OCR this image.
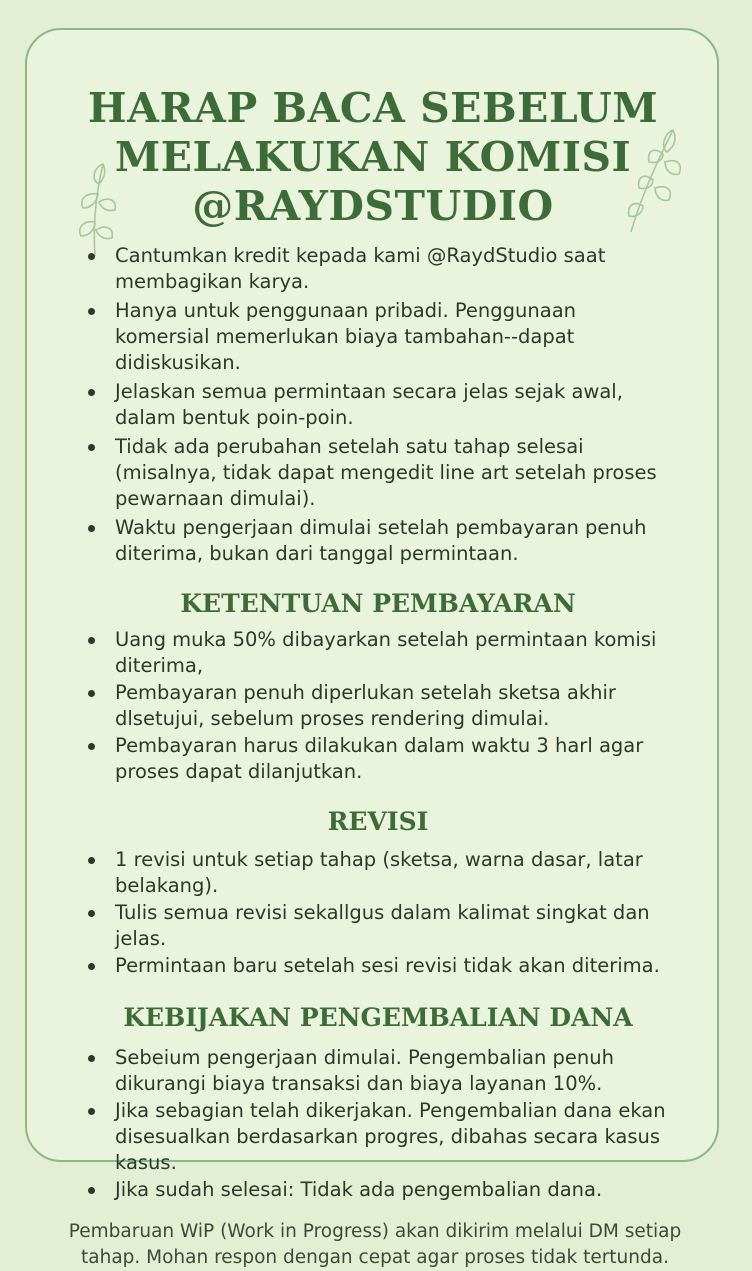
HARAP BACA SEBELUM
MELAKUKAN KOMISI
@RAYDSTUDIO
Cantumkan kredit kepada kami @RaydStudio saat membagikan karya.
Hanya untuk penggunaan pribadi. Penggunaan komersial memerlukan biaya tambahan--dapat didiskusikan.
Jelaskan semua permintaan secara jelas sejak awal, dalam bentuk poin-poin.
Tidak ada perubahan setelah satu tahap selesai (misalnya, tidak dapat mengedit line art setelah proses pewarnaan dimulai).
Waktu pengerjaan dimulai setelah pembayaran penuh diterima, bukan dari tanggal permintaan.
KETENTUAN PEMBAYARAN
Uang muka 50% dibayarkan setelah permintaan komisi diterima,
Pembayaran penuh diperlukan setelah sketsa akhir dlsetujui, sebelum proses rendering dimulai.
Pembayaran harus dilakukan dalam waktu 3 harl agar proses dapat dilanjutkan.
REVISI
1 revisi untuk setiap tahap (sketsa, warna dasar, latar belakang).
Tulis semua revisi sekallgus dalam kalimat singkat dan jelas.
Permintaan baru setelah sesi revisi tidak akan diterima.
KEBIJAKAN PENGEMBALIAN DANA
Sebeium pengerjaan dimulai. Pengembalian penuh dikurangi biaya transaksi dan biaya layanan 10%.
Jika sebagian telah dikerjakan. Pengembalian dana ekan disesualkan berdasarkan progres, dibahas secara kasus kasus.
Jika sudah selesai: Tidak ada pengembalian dana.

Pembaruan WiP (Work in Progress) akan dikirim melalui DM setiap tahap. Mohan respon dengan cepat agar proses tidak tertunda.
